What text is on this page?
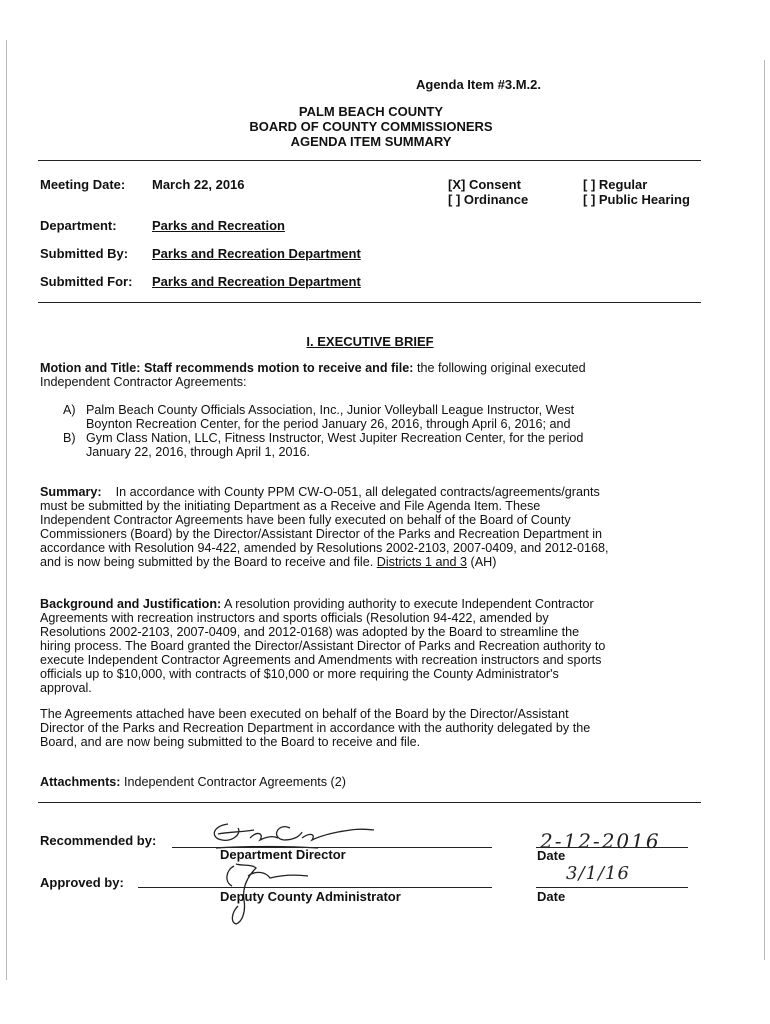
Agenda Item #3.M.2.
PALM BEACH COUNTY
BOARD OF COUNTY COMMISSIONERS
AGENDA ITEM SUMMARY
Meeting Date: March 22, 2016	[X] Consent
[ ] Ordinance
[ ] Regular
[ ] Public Hearing
Department:	Parks and Recreation
Submitted By: Parks and Recreation Department
Submitted For: Parks and Recreation Department
I. EXECUTIVE BRIEF
Motion and Title: Staff recommends motion to receive and file: the following original executed
Independent Contractor Agreements:
A) Palm Beach County Officials Association, Inc., Junior Volleyball League Instructor, West
Boynton Recreation Center, for the period January 26, 2016, through April 6, 2016; and
B) Gym Class Nation, LLC, Fitness Instructor, West Jupiter Recreation Center, for the period
January 22, 2016, through April 1, 2016.
Summary: In accordance with County PPM CW-O-051, all delegated contracts/agreements/grants
must be submitted by the initiating Department as a Receive and File Agenda Item. These
Independent Contractor Agreements have been fully executed on behalf of the Board of County
Commissioners (Board) by the Director/Assistant Director of the Parks and Recreation Department in
accordance with Resolution 94-422, amended by Resolutions 2002-2103, 2007-0409, and 2012-0168,
and is now being submitted by the Board to receive and file. Districts 1 and 3 (AH)
Background and Justification: A resolution providing authority to execute Independent Contractor
Agreements with recreation instructors and sports officials (Resolution 94-422, amended by
Resolutions 2002-2103, 2007-0409, and 2012-0168) was adopted by the Board to streamline the
hiring process. The Board granted the Director/Assistant Director of Parks and Recreation authority to
execute Independent Contractor Agreements and Amendments with recreation instructors and sports
officials up to $10,000, with contracts of $10,000 or more requiring the County Administrator's
approval.
The Agreements attached have been executed on behalf of the Board by the Director/Assistant
Director of the Parks and Recreation Department in accordance with the authority delegated by the
Board, and are now being submitted to the Board to receive and file.
Attachments: Independent Contractor Agreements (2)
Recommended by:
Department Director
2-12-2016
Date
Approved by:
Deputy County Administrator
3/1/16
Date
